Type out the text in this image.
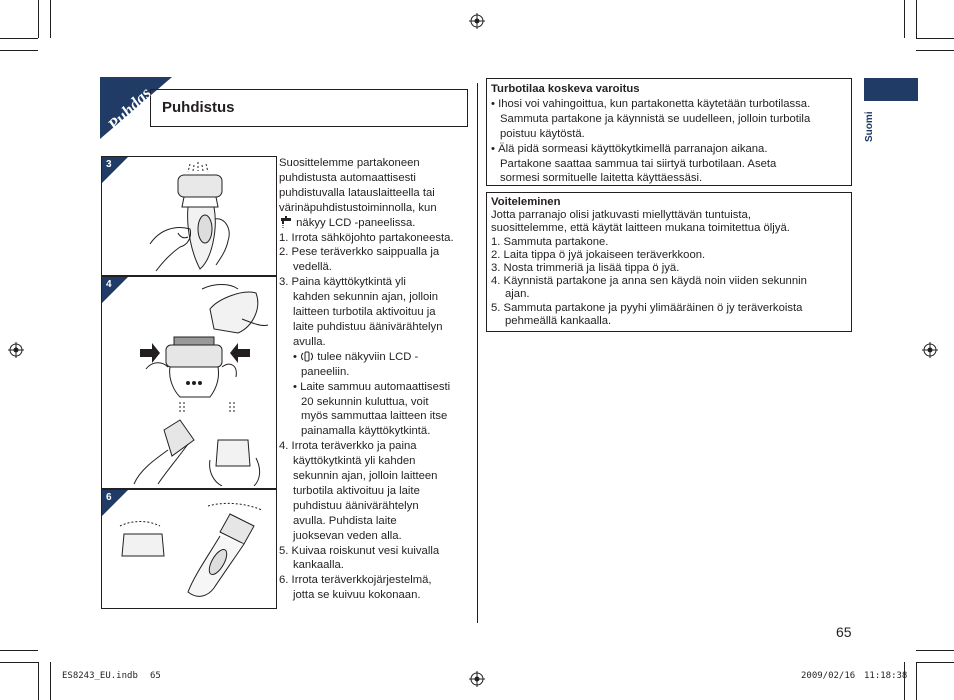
Puhdistus
Puhdas
3
4
6

Suosittelemme partakoneen

puhdistusta automaattisesti

puhdistuvalla latauslaitteella tai

värinäpuhdistustoiminnolla, kun

näkyy LCD -paneelissa.

1. Irrota sähköjohto partakoneesta.

2. Pese teräverkko saippualla ja

vedellä.

3. Paina käyttökytkintä yli

kahden sekunnin ajan, jolloin

laitteen turbotila aktivoituu ja

laite puhdistuu äänivärähtelyn

avulla.

•  tulee näkyviin LCD -

paneeliin.

• Laite sammuu automaattisesti

20 sekunnin kuluttua, voit

myös sammuttaa laitteen itse

painamalla käyttökytkintä.

4. Irrota teräverkko ja paina

käyttökytkintä yli kahden

sekunnin ajan, jolloin laitteen

turbotila aktivoituu ja laite

puhdistuu äänivärähtelyn

avulla. Puhdista laite

juoksevan veden alla.

5. Kuivaa roiskunut vesi kuivalla

kankaalla.

6. Irrota teräverkkojärjestelmä,

jotta se kuivuu kokonaan.

Turbotilaa koskeva varoitus

• Ihosi voi vahingoittua, kun partakonetta käytetään turbotilassa.

Sammuta partakone ja käynnistä se uudelleen, jolloin turbotila

poistuu käytöstä.

• Älä pidä sormeasi käyttökytkimellä parranajon aikana.

Partakone saattaa sammua tai siirtyä turbotilaan. Aseta

sormesi sormituelle laitetta käyttäessäsi.

Voiteleminen

Jotta parranajo olisi jatkuvasti miellyttävän tuntuista,

suosittelemme, että käytät laitteen mukana toimitettua öljyä.

1. Sammuta partakone.

2. Laita tippa ö jyä jokaiseen teräverkkoon.

3. Nosta trimmeriä ja lisää tippa ö jyä.

4. Käynnistä partakone ja anna sen käydä noin viiden sekunnin

ajan.

5. Sammuta partakone ja pyyhi ylimääräinen ö jy teräverkoista

pehmeällä kankaalla.

Suomi
65
ES8243_EU.indb 65	2009/02/16 11:18:38
